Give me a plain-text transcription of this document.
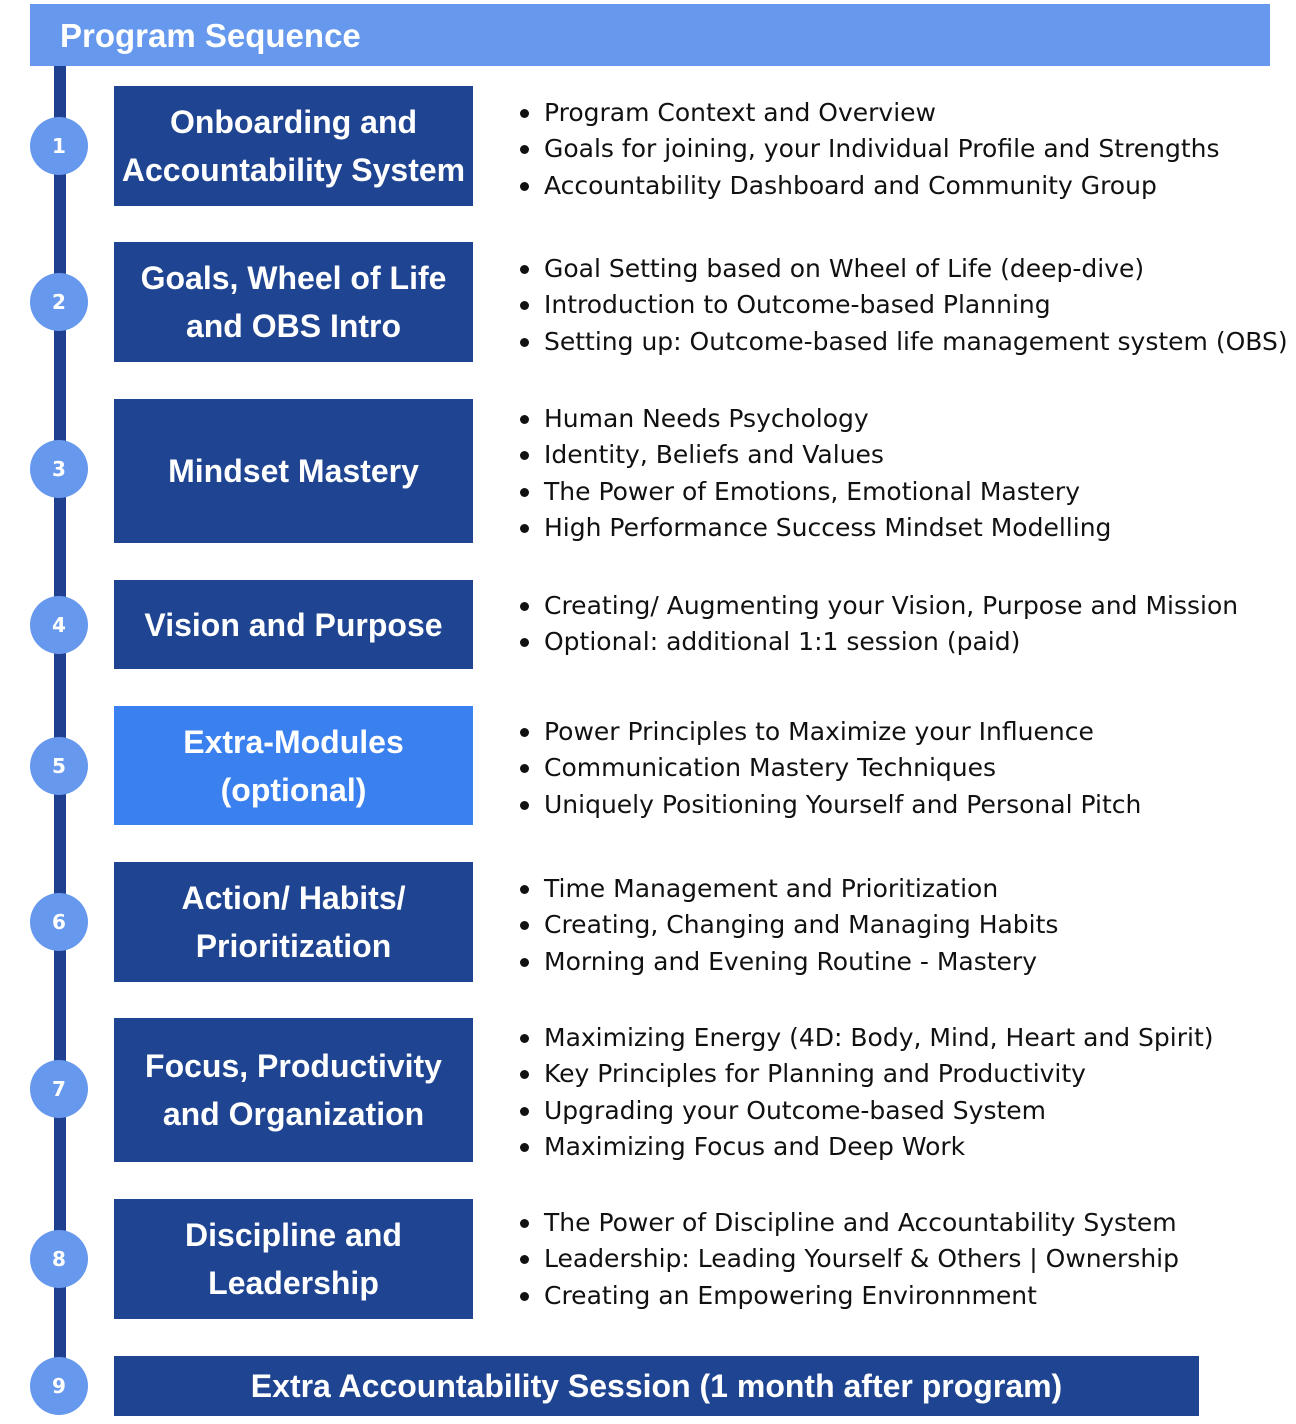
Program Sequence
1
Onboarding and
Accountability System
Program Context and Overview
Goals for joining, your Individual Profile and Strengths
Accountability Dashboard and Community Group
2
Goals, Wheel of Life
and OBS Intro
Goal Setting based on Wheel of Life (deep-dive)
Introduction to Outcome-based Planning
Setting up: Outcome-based life management system (OBS)
3	Mindset Mastery
Human Needs Psychology
Identity, Beliefs and Values
The Power of Emotions, Emotional Mastery
High Performance Success Mindset Modelling
4	Vision and Purpose
Creating/ Augmenting your Vision, Purpose and Mission
Optional: additional 1:1 session (paid)
5
Extra-Modules
(optional)
Power Principles to Maximize your Influence
Communication Mastery Techniques
Uniquely Positioning Yourself and Personal Pitch
6
Action/ Habits/
Prioritization
Time Management and Prioritization
Creating, Changing and Managing Habits
Morning and Evening Routine - Mastery
7
Focus, Productivity
and Organization
Maximizing Energy (4D: Body, Mind, Heart and Spirit)
Key Principles for Planning and Productivity
Upgrading your Outcome-based System
Maximizing Focus and Deep Work
8
Discipline and
Leadership
The Power of Discipline and Accountability System
Leadership: Leading Yourself & Others | Ownership
Creating an Empowering Environnment
9	Extra Accountability Session (1 month after program)
